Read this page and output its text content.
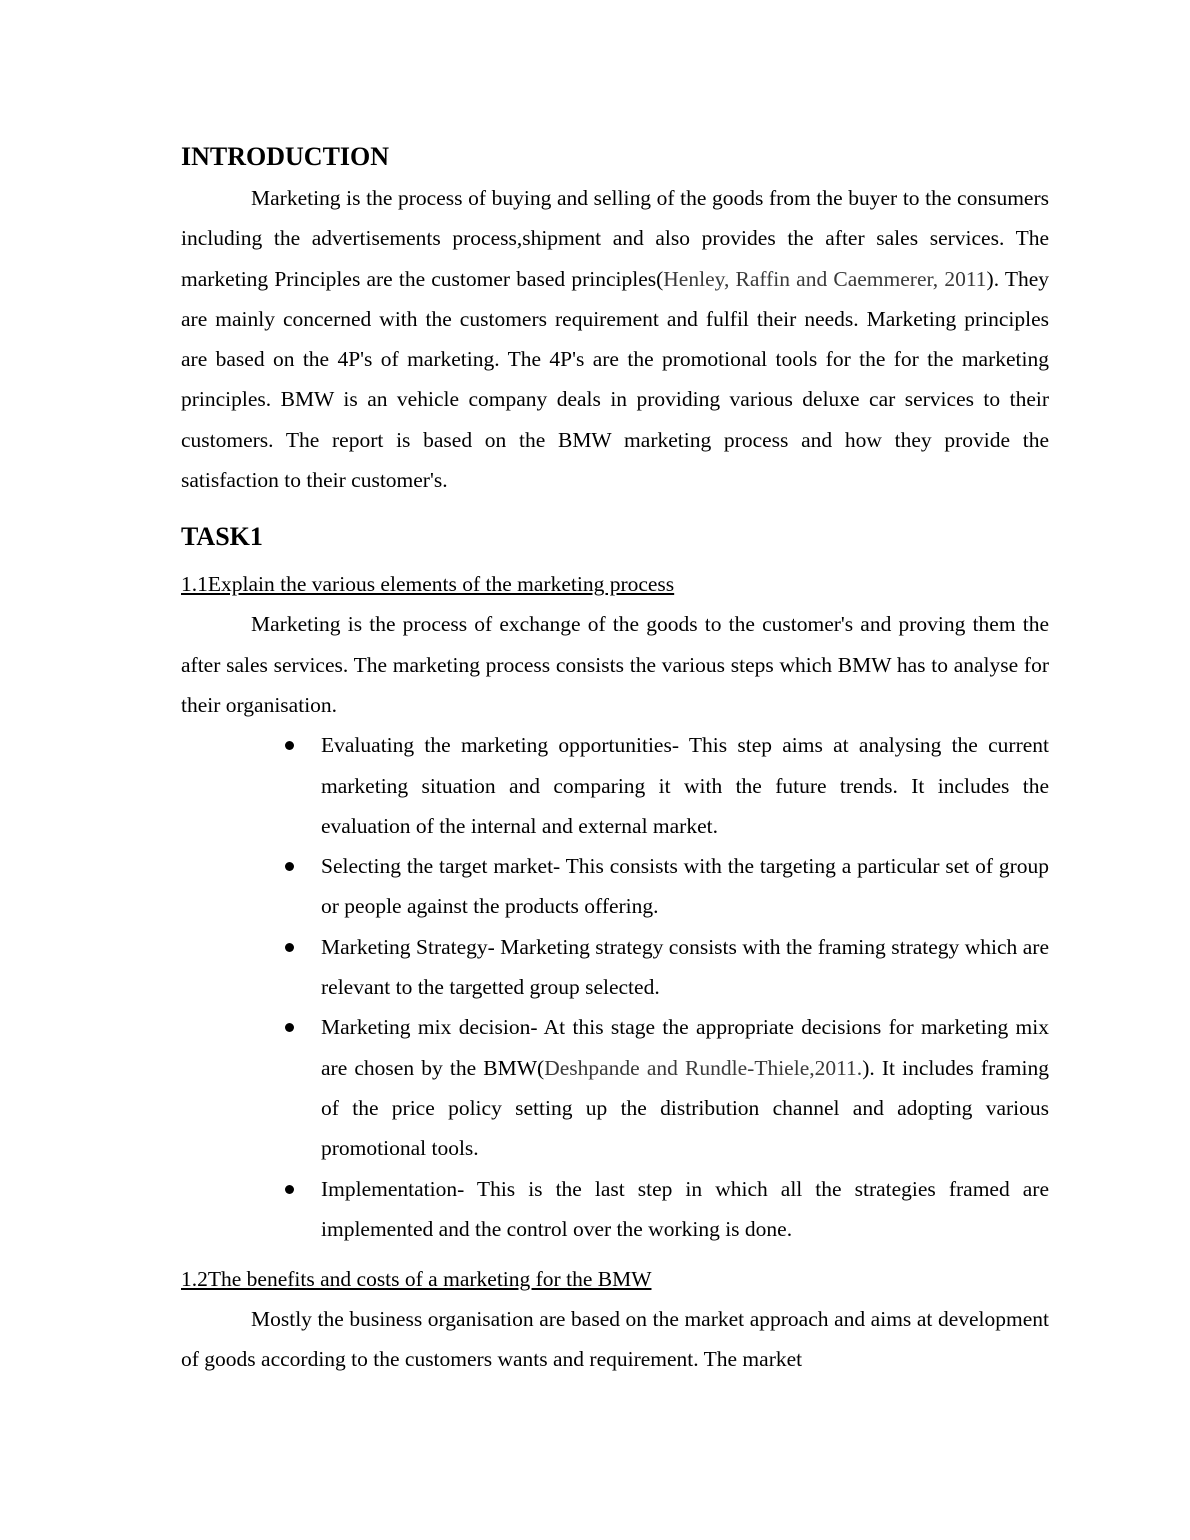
INTRODUCTION

Marketing is the process of buying and selling of the goods from the buyer to the consumers including the advertisements process,shipment and also provides the after sales services. The marketing Principles are the customer based principles(Henley, Raffin and Caemmerer, 2011). They are mainly concerned with the customers requirement and fulfil their needs. Marketing principles are based on the 4P's of marketing. The 4P's are the promotional tools for the for the marketing principles. BMW is an vehicle company deals in providing various deluxe car services to their customers. The report is based on the BMW marketing process and how they provide the satisfaction to their customer's.

TASK1
1.1Explain the various elements of the marketing process

Marketing is the process of exchange of the goods to the customer's and proving them the after sales services. The marketing process consists the various steps which BMW has to analyse for their organisation.

Evaluating the marketing opportunities- This step aims at analysing the current marketing situation and comparing it with the future trends. It includes the evaluation of the internal and external market.

Selecting the target market- This consists with the targeting a particular set of group or people against the products offering.

Marketing Strategy- Marketing strategy consists with the framing strategy which are relevant to the targetted group selected.

Marketing mix decision- At this stage the appropriate decisions for marketing mix are chosen by the BMW(Deshpande and Rundle-Thiele,2011.). It includes framing of the price policy setting up the distribution channel and adopting various promotional tools.

Implementation- This is the last step in which all the strategies framed are implemented and the control over the working is done.

1.2The benefits and costs of a marketing for the BMW

Mostly the business organisation are based on the market approach and aims at development of goods according to the customers wants and requirement. The market
